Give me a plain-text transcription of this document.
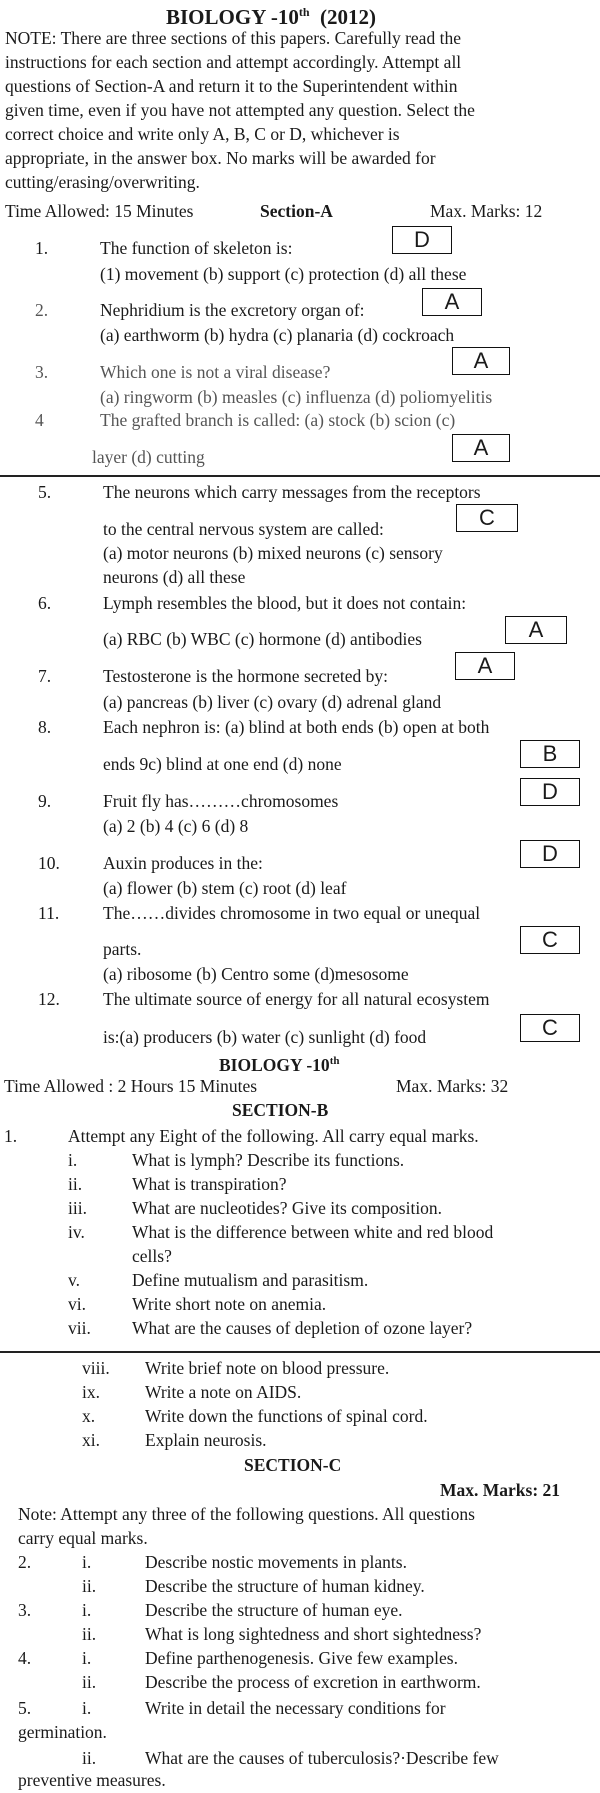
BIOLOGY -10th (2012)
NOTE: There are three sections of this papers. Carefully read the
instructions for each section and attempt accordingly. Attempt all
questions of Section-A and return it to the Superintendent within
given time, even if you have not attempted any question. Select the
correct choice and write only A, B, C or D, whichever is
appropriate, in the answer box. No marks will be awarded for
cutting/erasing/overwriting.
Time Allowed: 15 Minutes	Section-A	Max. Marks: 12
1.	The function of skeleton is:	D
(1) movement (b) support (c) protection (d) all these
2.	Nephridium is the excretory organ of:	A
(a) earthworm (b) hydra (c) planaria (d) cockroach
3.	Which one is not a viral disease?	A
(a) ringworm (b) measles (c) influenza (d) poliomyelitis
4	The grafted branch is called: (a) stock (b) scion (c)
layer (d) cutting	A
5.	The neurons which carry messages from the receptors
to the central nervous system are called:	C
(a) motor neurons (b) mixed neurons (c) sensory
neurons (d) all these
6.	Lymph resembles the blood, but it does not contain:
(a) RBC (b) WBC (c) hormone (d) antibodies	A
7.	Testosterone is the hormone secreted by:	A
(a) pancreas (b) liver (c) ovary (d) adrenal gland
8.	Each nephron is: (a) blind at both ends (b) open at both
ends 9c) blind at one end (d) none	B
9.	Fruit fly has………chromosomes	D
(a) 2 (b) 4 (c) 6 (d) 8
10. Auxin produces in the:	D
(a) flower (b) stem (c) root (d) leaf
11.	The……divides chromosome in two equal or unequal
parts.	C
(a) ribosome (b) Centro some (d)mesosome
12. The ultimate source of energy for all natural ecosystem
is:(a) producers (b) water (c) sunlight (d) food	C
BIOLOGY -10th
Time Allowed : 2 Hours 15 Minutes	Max. Marks: 32
SECTION-B
1.	Attempt any Eight of the following. All carry equal marks.
i.	What is lymph? Describe its functions.
ii.	What is transpiration?
iii.	What are nucleotides? Give its composition.
iv.	What is the difference between white and red blood
cells?
v.	Define mutualism and parasitism.
vi.	Write short note on anemia.
vii. What are the causes of depletion of ozone layer?
viii. Write brief note on blood pressure.
ix.	Write a note on AIDS.
x.	Write down the functions of spinal cord.
xi.	Explain neurosis.
SECTION-C
Max. Marks: 21
Note: Attempt any three of the following questions. All questions
carry equal marks.
2.	i.	Describe nostic movements in plants.
ii.	Describe the structure of human kidney.
3.	i.	Describe the structure of human eye.
ii.	What is long sightedness and short sightedness?
4.	i.	Define parthenogenesis. Give few examples.
ii.	Describe the process of excretion in earthworm.
5.	i.	Write in detail the necessary conditions for
germination.
ii.	What are the causes of tuberculosis?·Describe few
preventive measures.
